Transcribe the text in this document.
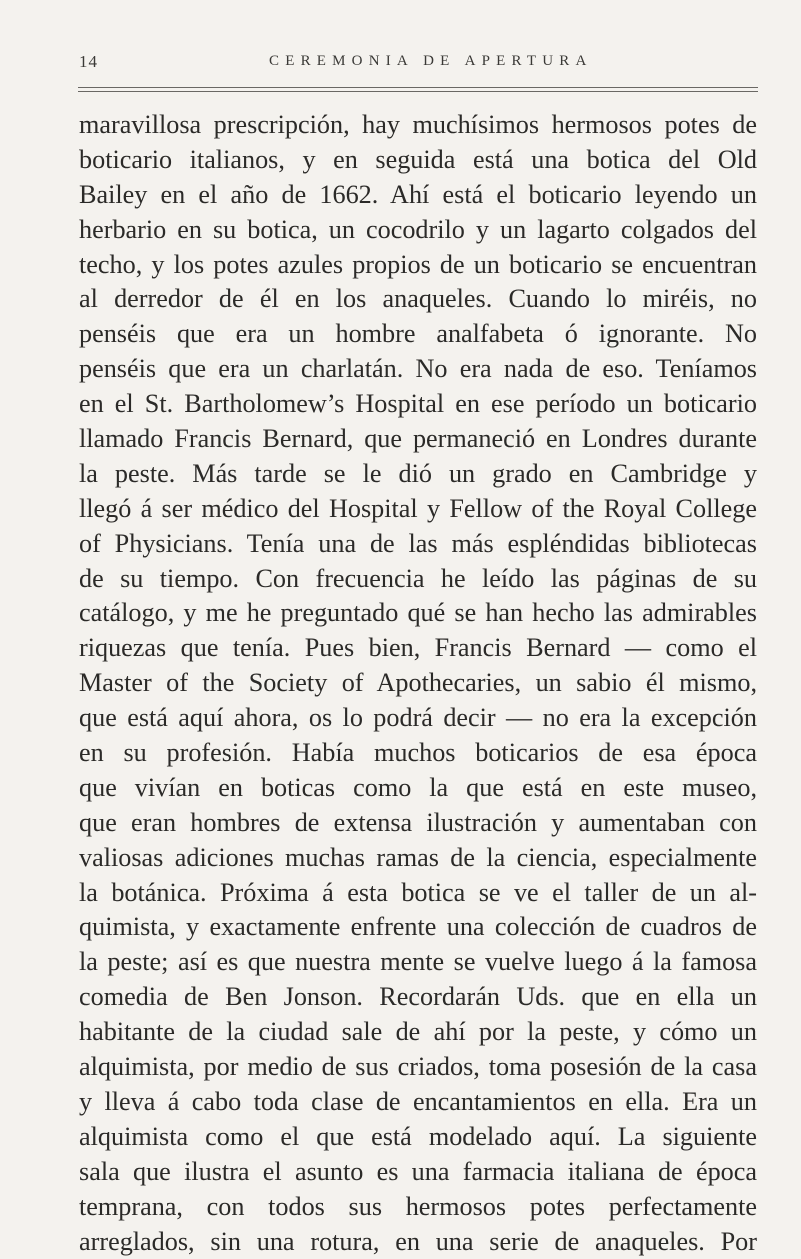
14	CEREMONIA DE APERTURA
maravillosa prescripción, hay muchísimos hermosos potes de
boticario italianos, y en seguida está una botica del Old
Bailey en el año de 1662. Ahí está el boticario leyendo un
herbario en su botica, un cocodrilo y un lagarto colgados del
techo, y los potes azules propios de un boticario se encuentran
al derredor de él en los anaqueles. Cuando lo miréis, no
penséis que era un hombre analfabeta ó ignorante. No
penséis que era un charlatán. No era nada de eso. Teníamos
en el St. Bartholomew’s Hospital en ese período un boticario
llamado Francis Bernard, que permaneció en Londres durante
la peste. Más tarde se le dió un grado en Cambridge y
llegó á ser médico del Hospital y Fellow of the Royal College
of Physicians. Tenía una de las más espléndidas bibliotecas
de su tiempo. Con frecuencia he leído las páginas de su
catálogo, y me he preguntado qué se han hecho las admirables
riquezas que tenía. Pues bien, Francis Bernard — como el
Master of the Society of Apothecaries, un sabio él mismo,
que está aquí ahora, os lo podrá decir — no era la excepción
en su profesión. Había muchos boticarios de esa época
que vivían en boticas como la que está en este museo,
que eran hombres de extensa ilustración y aumentaban con
valiosas adiciones muchas ramas de la ciencia, especialmente
la botánica. Próxima á esta botica se ve el taller de un al-
quimista, y exactamente enfrente una colección de cuadros de
la peste; así es que nuestra mente se vuelve luego á la famosa
comedia de Ben Jonson. Recordarán Uds. que en ella un
habitante de la ciudad sale de ahí por la peste, y cómo un
alquimista, por medio de sus criados, toma posesión de la casa
y lleva á cabo toda clase de encantamientos en ella. Era un
alquimista como el que está modelado aquí. La siguiente
sala que ilustra el asunto es una farmacia italiana de época
temprana, con todos sus hermosos potes perfectamente
arreglados, sin una rotura, en una serie de anaqueles. Por
